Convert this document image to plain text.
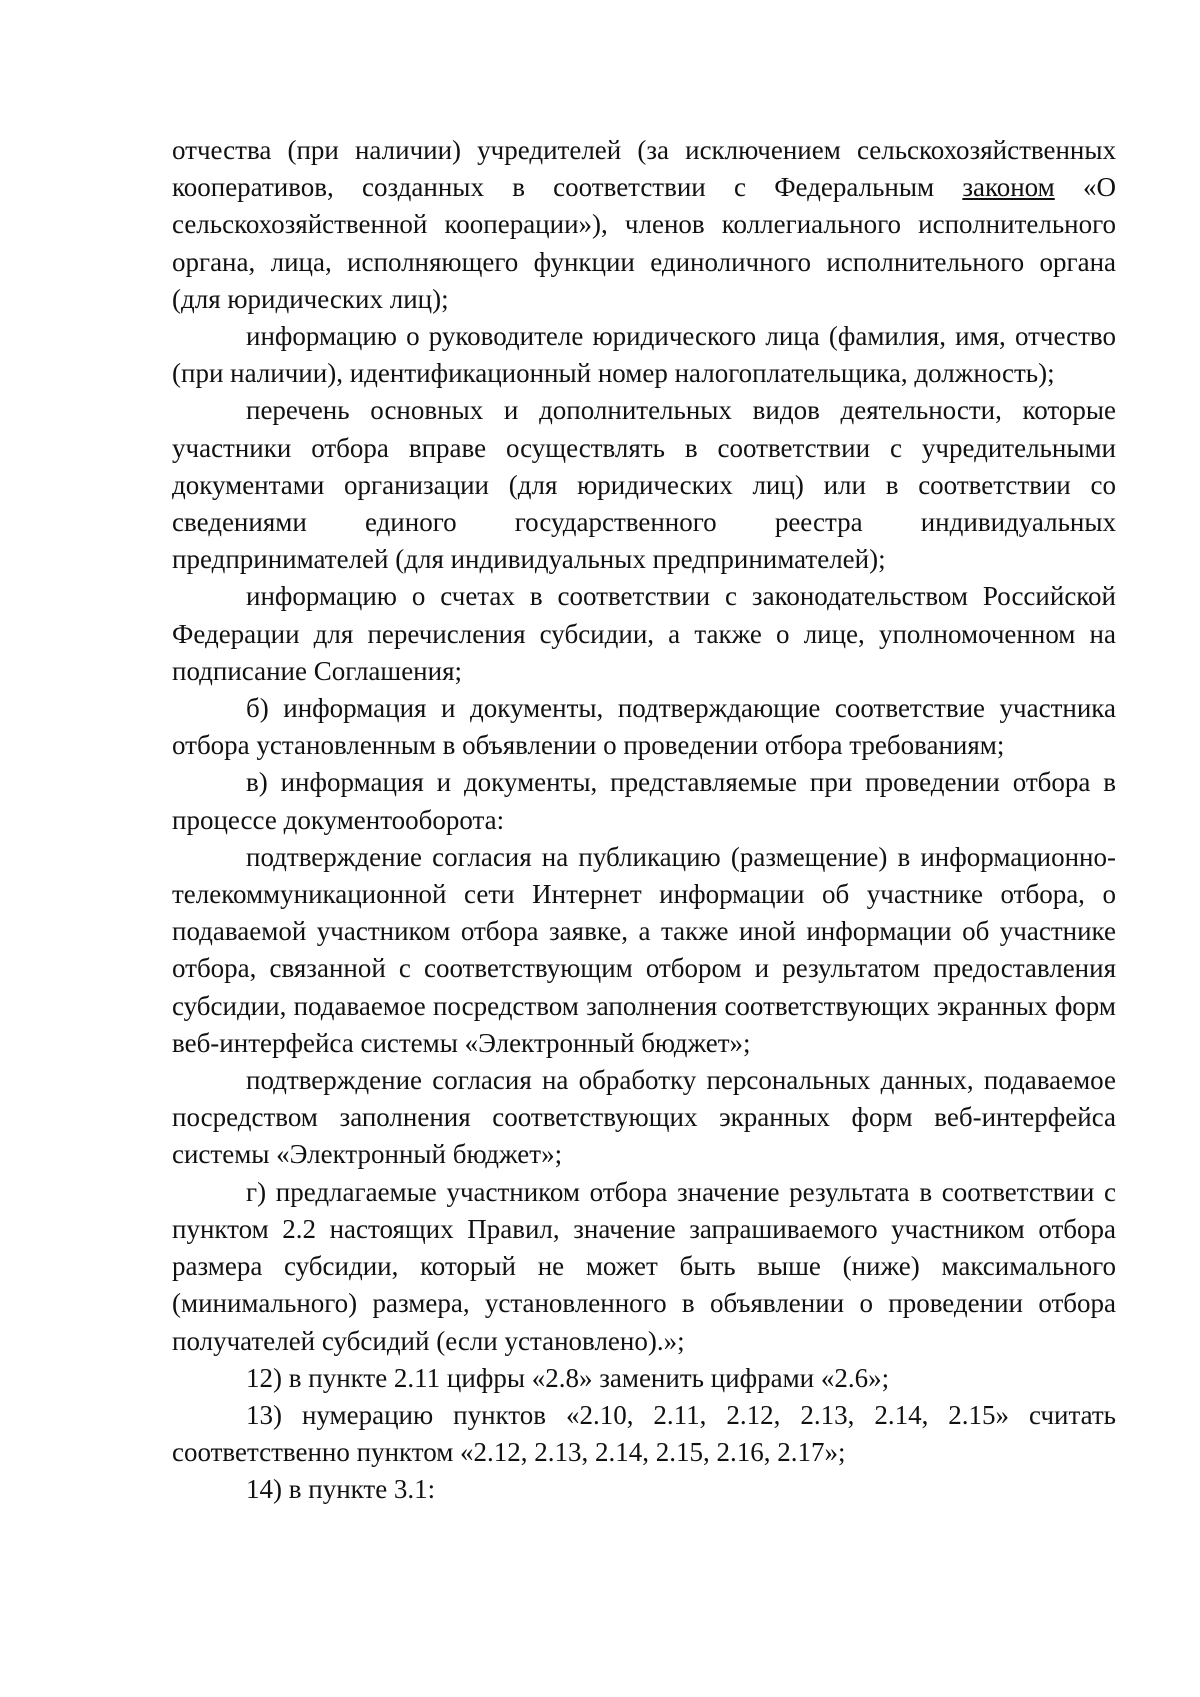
отчества (при наличии) учредителей (за исключением сельскохозяйственных кооперативов, созданных в соответствии с Федеральным законом «О сельскохозяйственной кооперации»), членов коллегиального исполнительного органа, лица, исполняющего функции единоличного исполнительного органа (для юридических лиц);

информацию о руководителе юридического лица (фамилия, имя, отчество (при наличии), идентификационный номер налогоплательщика, должность);

перечень основных и дополнительных видов деятельности, которые участники отбора вправе осуществлять в соответствии с учредительными документами организации (для юридических лиц) или в соответствии со сведениями единого государственного реестра индивидуальных предпринимателей (для индивидуальных предпринимателей);

информацию о счетах в соответствии с законодательством Российской Федерации для перечисления субсидии, а также о лице, уполномоченном на подписание Соглашения;

б) информация и документы, подтверждающие соответствие участника отбора установленным в объявлении о проведении отбора требованиям;

в) информация и документы, представляемые при проведении отбора в процессе документооборота:

подтверждение согласия на публикацию (размещение) в информационно-телекоммуникационной сети Интернет информации об участнике отбора, о подаваемой участником отбора заявке, а также иной информации об участнике отбора, связанной с соответствующим отбором и результатом предоставления субсидии, подаваемое посредством заполнения соответствующих экранных форм веб-интерфейса системы «Электронный бюджет»;

подтверждение согласия на обработку персональных данных, подаваемое посредством заполнения соответствующих экранных форм веб-интерфейса системы «Электронный бюджет»;

г) предлагаемые участником отбора значение результата в соответствии с пунктом 2.2 настоящих Правил, значение запрашиваемого участником отбора размера субсидии, который не может быть выше (ниже) максимального (минимального) размера, установленного в объявлении о проведении отбора получателей субсидий (если установлено).»;

12) в пункте 2.11 цифры «2.8» заменить цифрами «2.6»;

13) нумерацию пунктов «2.10, 2.11, 2.12, 2.13, 2.14, 2.15» считать соответственно пунктом «2.12, 2.13, 2.14, 2.15, 2.16, 2.17»;

14) в пункте 3.1:
